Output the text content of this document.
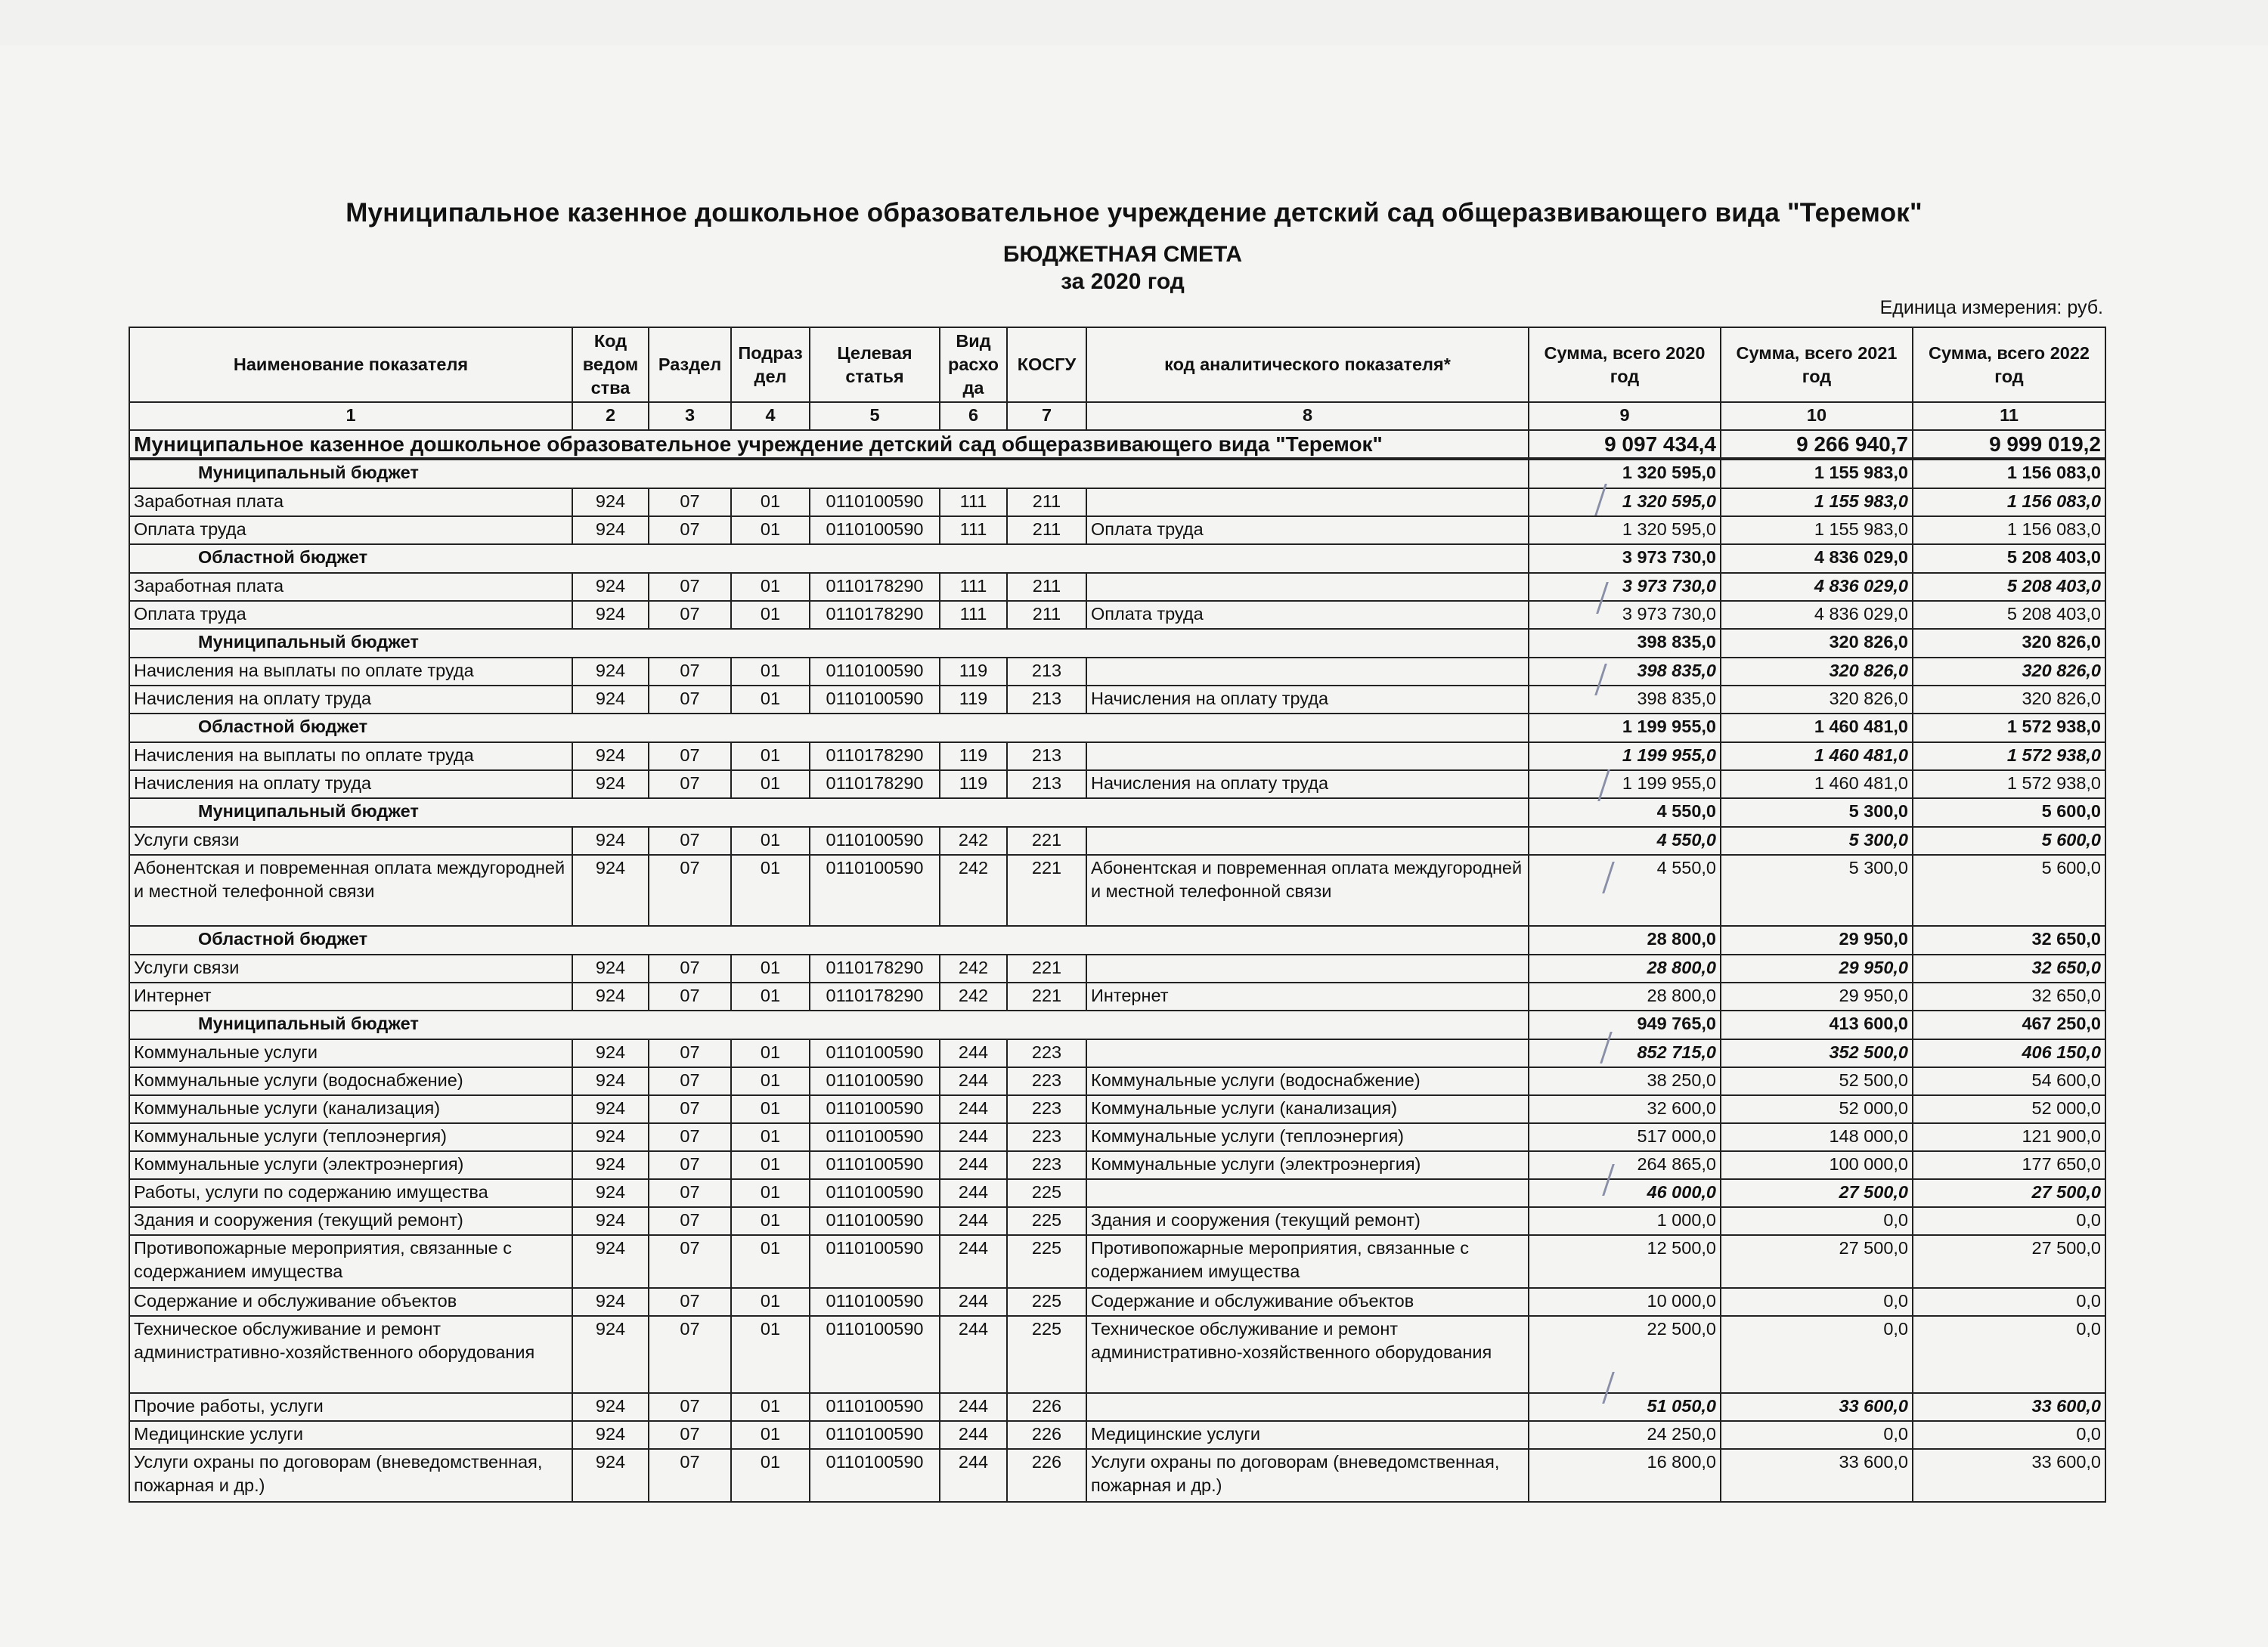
Муниципальное казенное дошкольное образовательное учреждение детский сад общеразвивающего вида "Теремок"
БЮДЖЕТНАЯ СМЕТА
за 2020 год
Единица измерения: руб.
Наименование показателя	Код ведом ства	Раздел	Подраз дел	Целевая статья	Вид расхо да	КОСГУ	код аналитического показателя*	Сумма, всего 2020 год	Сумма, всего 2021 год	Сумма, всего 2022 год
1	2	3	4	5	6	7	8	9	10	11
Муниципальное казенное дошкольное образовательное учреждение детский сад общеразвивающего вида "Теремок"								9 097 434,4	9 266 940,7	9 999 019,2
Муниципальный бюджет								1 320 595,0	1 155 983,0	1 156 083,0
Заработная плата	924	07	01	0110100590	111	211		1 320 595,0	1 155 983,0	1 156 083,0
Оплата труда	924	07	01	0110100590	111	211	Оплата труда	1 320 595,0	1 155 983,0	1 156 083,0
Областной бюджет								3 973 730,0	4 836 029,0	5 208 403,0
Заработная плата	924	07	01	0110178290	111	211		3 973 730,0	4 836 029,0	5 208 403,0
Оплата труда	924	07	01	0110178290	111	211	Оплата труда	3 973 730,0	4 836 029,0	5 208 403,0
Муниципальный бюджет								398 835,0	320 826,0	320 826,0
Начисления на выплаты по оплате труда	924	07	01	0110100590	119	213		398 835,0	320 826,0	320 826,0
Начисления на оплату труда	924	07	01	0110100590	119	213	Начисления на оплату труда	398 835,0	320 826,0	320 826,0
Областной бюджет								1 199 955,0	1 460 481,0	1 572 938,0
Начисления на выплаты по оплате труда	924	07	01	0110178290	119	213		1 199 955,0	1 460 481,0	1 572 938,0
Начисления на оплату труда	924	07	01	0110178290	119	213	Начисления на оплату труда	1 199 955,0	1 460 481,0	1 572 938,0
Муниципальный бюджет								4 550,0	5 300,0	5 600,0
Услуги связи	924	07	01	0110100590	242	221		4 550,0	5 300,0	5 600,0
Абонентская и повременная оплата междугородней и местной телефонной связи	924	07	01	0110100590	242	221	Абонентская и повременная оплата междугородней и местной телефонной связи	4 550,0	5 300,0	5 600,0
Областной бюджет								28 800,0	29 950,0	32 650,0
Услуги связи	924	07	01	0110178290	242	221		28 800,0	29 950,0	32 650,0
Интернет	924	07	01	0110178290	242	221	Интернет	28 800,0	29 950,0	32 650,0
Муниципальный бюджет								949 765,0	413 600,0	467 250,0
Коммунальные услуги	924	07	01	0110100590	244	223		852 715,0	352 500,0	406 150,0
Коммунальные услуги (водоснабжение)	924	07	01	0110100590	244	223	Коммунальные услуги (водоснабжение)	38 250,0	52 500,0	54 600,0
Коммунальные услуги (канализация)	924	07	01	0110100590	244	223	Коммунальные услуги (канализация)	32 600,0	52 000,0	52 000,0
Коммунальные услуги (теплоэнергия)	924	07	01	0110100590	244	223	Коммунальные услуги (теплоэнергия)	517 000,0	148 000,0	121 900,0
Коммунальные услуги (электроэнергия)	924	07	01	0110100590	244	223	Коммунальные услуги (электроэнергия)	264 865,0	100 000,0	177 650,0
Работы, услуги по содержанию имущества	924	07	01	0110100590	244	225		46 000,0	27 500,0	27 500,0
Здания и сооружения (текущий ремонт)	924	07	01	0110100590	244	225	Здания и сооружения (текущий ремонт)	1 000,0	0,0	0,0
Противопожарные мероприятия, связанные с содержанием имущества	924	07	01	0110100590	244	225	Противопожарные мероприятия, связанные с содержанием имущества	12 500,0	27 500,0	27 500,0
Содержание и обслуживание объектов	924	07	01	0110100590	244	225	Содержание и обслуживание объектов	10 000,0	0,0	0,0
Техническое обслуживание и ремонт административно-хозяйственного оборудования	924	07	01	0110100590	244	225	Техническое обслуживание и ремонт административно-хозяйственного оборудования	22 500,0	0,0	0,0
Прочие работы, услуги	924	07	01	0110100590	244	226		51 050,0	33 600,0	33 600,0
Медицинские услуги	924	07	01	0110100590	244	226	Медицинские услуги	24 250,0	0,0	0,0
Услуги охраны по договорам (вневедомственная, пожарная и др.)	924	07	01	0110100590	244	226	Услуги охраны по договорам (вневедомственная, пожарная и др.)	16 800,0	33 600,0	33 600,0
